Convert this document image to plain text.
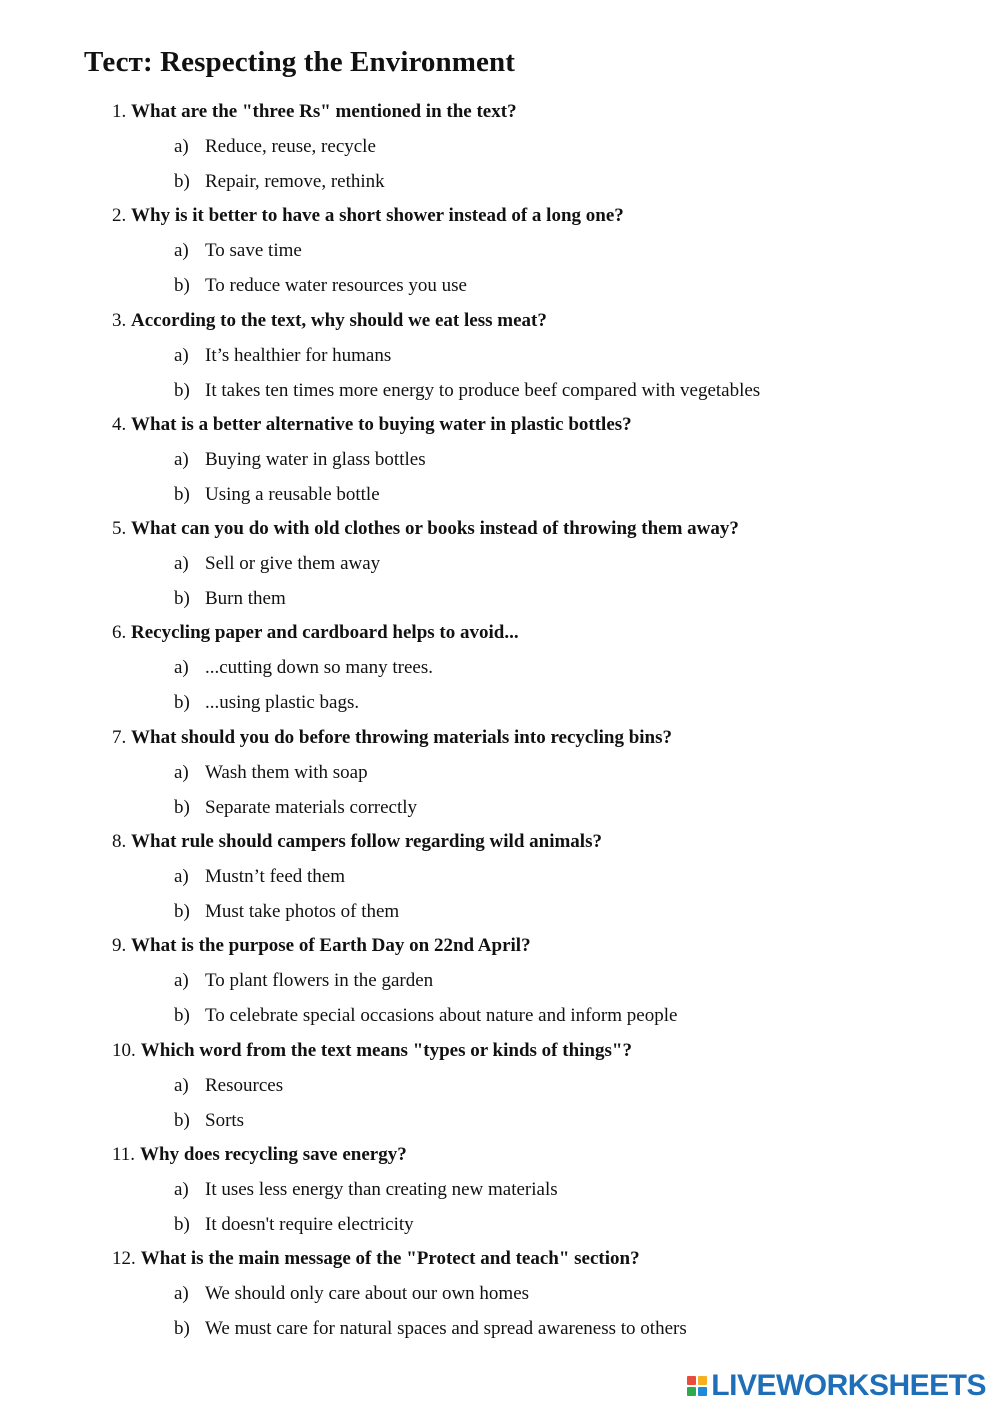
Тест: Respecting the Environment
1. What are the "three Rs" mentioned in the text?
a) Reduce, reuse, recycle
b) Repair, remove, rethink
2. Why is it better to have a short shower instead of a long one?
a) To save time
b) To reduce water resources you use
3. According to the text, why should we eat less meat?
a) It’s healthier for humans
b) It takes ten times more energy to produce beef compared with vegetables
4. What is a better alternative to buying water in plastic bottles?
a) Buying water in glass bottles
b) Using a reusable bottle
5. What can you do with old clothes or books instead of throwing them away?
a) Sell or give them away
b) Burn them
6. Recycling paper and cardboard helps to avoid...
a) ...cutting down so many trees.
b) ...using plastic bags.
7. What should you do before throwing materials into recycling bins?
a) Wash them with soap
b) Separate materials correctly
8. What rule should campers follow regarding wild animals?
a) Mustn’t feed them
b) Must take photos of them
9. What is the purpose of Earth Day on 22nd April?
a) To plant flowers in the garden
b) To celebrate special occasions about nature and inform people
10. Which word from the text means "types or kinds of things"?
a) Resources
b) Sorts
11. Why does recycling save energy?
a) It uses less energy than creating new materials
b) It doesn't require electricity
12. What is the main message of the "Protect and teach" section?
a) We should only care about our own homes
b) We must care for natural spaces and spread awareness to others
LIVEWORKSHEETS
